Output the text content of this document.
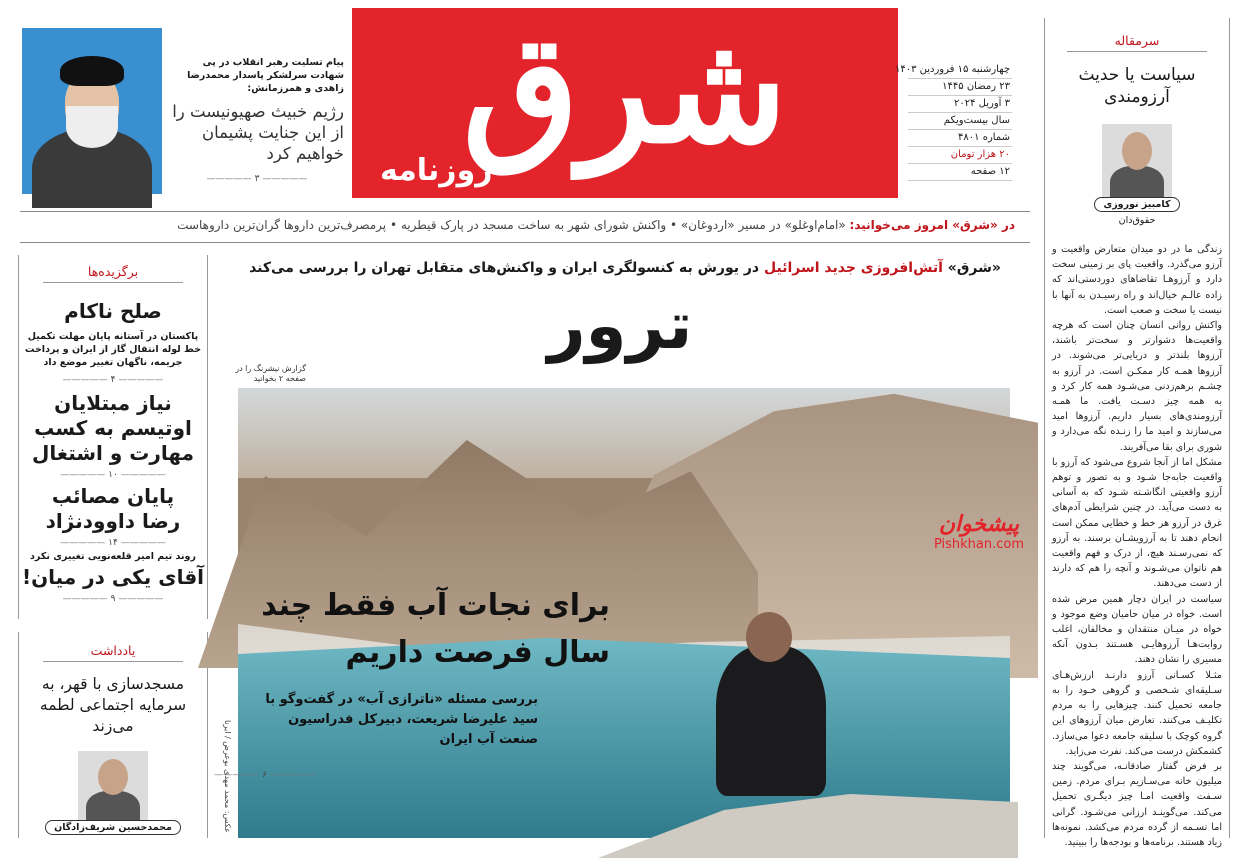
شرق
روزنامه
چهارشنبه ۱۵ فروردین ۱۴۰۳
۲۳ رمضان ۱۴۴۵
۳ آوریل ۲۰۲۴
سال بیست‌ویکم
شماره ۴۸۰۱
۲۰ هزار تومان
۱۲ صفحه
پیام تسلیت رهبر انقلاب در پی شهادت سرلشکر پاسدار محمدرضا زاهدی و همرزمانش:
رژیم خبیث صهیونیست را از این جنایت پشیمان خواهیم کرد
————— ۳ —————
در «شرق» امروز می‌خوانید: «امام‌اوغلو» در مسیر «اردوغان» • واکنش شورای شهر به ساخت مسجد در پارک قیطریه • پرمصرف‌ترین داروها گران‌ترین داروهاست
سرمقاله
سیاست یا حدیث آرزومندی
کامبیز نوروزی
حقوق‌دان

زندگی ما در دو میدان متعارض واقعیت و آرزو می‌گذرد. واقعیت پای بر زمینی سخت دارد و آرزوهـا تقاضاهای دوردستی‌اند که زاده عالـم خیال‌اند و راه رسیـدن به آنها با نیست یا سخت و صعب است.

واکنش روانی انسان چنان است که هرچه واقعیت‌ها دشوارتر و سخت‌تر باشند، آرزوها بلندتر و دریایی‌تر می‌شوند. در آرزوها همـه کار ممکـن است. در آرزو به چشـم برهم‌زدنی می‌شـود همه کار کرد و به همه چیز دسـت یافت. ما همـه آرزومندی‌های بسیار داریم. آرزوها امید می‌سازند و امید ما را زنـده نگه می‌دارد و شوری برای بقا می‌آفریند.

مشکل اما از آنجا شروع می‌شود که آرزو با واقعیت جابه‌جا شـود و به تصور و توهم آرزو واقعیتی انگاشـته شـود که به آسانی به دست می‌آید. در چنین شرایطی آدم‌های غرق در آرزو هر خط و خطایی ممکن است انجام دهند تا به آرزویشـان برسند. به آرزو که نمی‌رسـند هیچ، از درک و فهم واقعیت هم ناتوان می‌شـوند و آنچه را هم که دارند از دست می‌دهند.

سیاست در ایران دچار همین مرض شده است. خواه در میان حامیان وضع موجود و خواه در میـان منتقدان و مخالفان، اغلب روایت‌هـا آرزوهایـی هسـتند بـدون آنکه مسیری را نشان دهند.

مثـلا کسـانی آرزو دارنـد ارزش‌هـای سـلیقه‌ای شـخصی و گروهی خـود را به جامعه تحمیل کنند. چیزهایی را به مردم تکلیـف می‌کنند. تعارض میان آرزوهای این گروه کوچک با سلیقه جامعه دعوا می‌سازد. کشمکش درست می‌کند. نفرت می‌زاید.

بر فرض گفتار صادقانـه، می‌گویند چند میلیون خانه می‌سـازیم بـرای مردم. زمین سـفت واقعیت امـا چیز دیگـری تحمیل می‌کند. می‌گوینـد ارزانی می‌شـود. گرانی اما تسـمه از گرده مردم می‌کشد. نمونه‌ها زیاد هستند. برنامه‌ها و بودجه‌ها را ببینید.

برگزیده‌ها
صلح ناکام
پاکستان در آستانه پایان مهلت تکمیل خط لوله انتقال گاز از ایران و پرداخت جریمه، ناگهان تغییر موضع داد
————— ۴ —————
نیاز مبتلایان اوتیسم به کسب مهارت و اشتغال
————— ۱۰ —————
پایان مصائب رضا داوودنژاد
————— ۱۴ —————
روند تیم امیر قلعه‌نویی تغییری نکرد
آقای یکی در میان!
————— ۹ —————
یادداشت
مسجدسازی با قهر، به سرمایه اجتماعی لطمه می‌زند
محمدحسین شریف‌زادگان
«شرق» آتش‌افروزی جدید اسرائیل در یورش به کنسولگری ایران و واکنش‌های متقابل تهران را بررسی می‌کند
ترور
گزارش نیشرنگ را در صفحه ۲ بخوانید
عکس: محمد مهدی بوعرض / ایرنا
برای نجات آب فقط چند سال فرصت داریم
بررسی مسئله «ناترازی آب» در گفت‌وگو با سید علیرضا شریعت، دبیرکل فدراسیون صنعت آب ایران
————— ۶ —————
پیشخوان
Pishkhan.com
